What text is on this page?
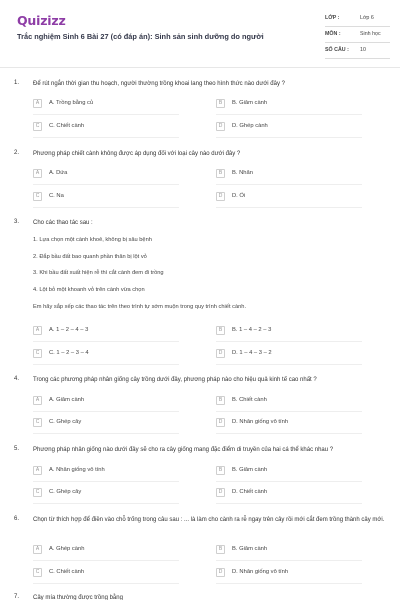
Quizizz
Trắc nghiệm Sinh 6 Bài 27 (có đáp án): Sinh sản sinh dưỡng do người
LỚP :	Lớp 6
MÔN :	Sinh học
SỐ CÂU : 10
1. Để rút ngắn thời gian thu hoạch, người thường trồng khoai lang theo hình thức nào dưới đây ?
A	A. Trồng bằng củ	B	B. Giâm cành
C	C. Chiết cành	D	D. Ghép cành
2. Phương pháp chiết cành không được áp dụng đối với loại cây nào dưới đây ?
A	A. Dứa	B	B. Nhãn
C	C. Na	D	D. Ổi
3. Cho các thao tác sau :
1. Lựa chọn một cành khoẻ, không bị sâu bệnh
2. Đắp bầu đất bao quanh phần thân bị lột vỏ
3. Khi bầu đất xuất hiện rễ thì cắt cành đem đi trồng
4. Lột bỏ một khoanh vỏ trên cành vừa chọn
Em hãy sắp xếp các thao tác trên theo trình tự sớm muộn trong quy trình chiết cành.
A	A. 1 – 2 – 4 – 3	B	B. 1 – 4 – 2 – 3
C	C. 1 – 2 – 3 – 4	D	D. 1 – 4 – 3 – 2
4. Trong các phương pháp nhân giống cây trồng dưới đây, phương pháp nào cho hiệu quả kinh tế cao nhất ?
A	A. Giâm cành	B	B. Chiết cành
C	C. Ghép cây	D	D. Nhân giống vô tính
5. Phương pháp nhân giống nào dưới đây sẽ cho ra cây giống mang đặc điểm di truyền của hai cá thể khác nhau ?
A	A. Nhân giống vô tính	B	B. Giâm cành
C	C. Ghép cây	D	D. Chiết cành
6. Chọn từ thích hợp để điền vào chỗ trống trong câu sau : ... là làm cho cành ra rễ ngay trên cây rồi mới cắt đem trồng thành cây mới.
A	A. Ghép cành	B	B. Giâm cành
C	C. Chiết cành	D	D. Nhân giống vô tính
7. Cây mía thường được trồng bằng
